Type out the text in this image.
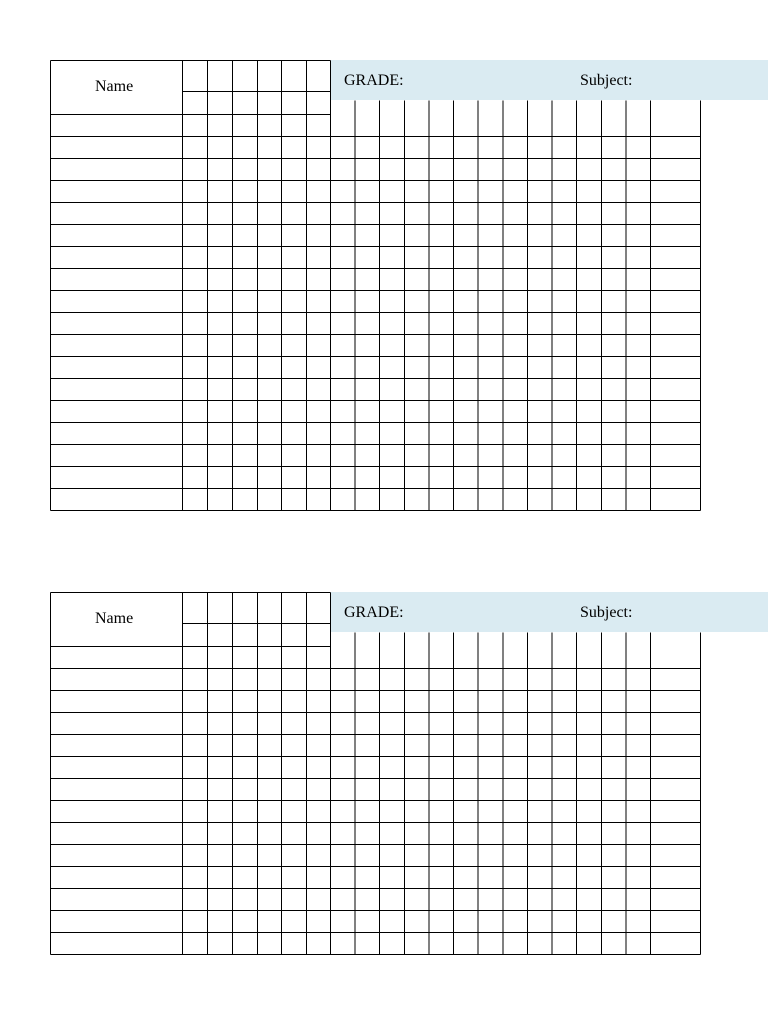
Name	GRADE:	Subject:
Name	GRADE:	Subject:
